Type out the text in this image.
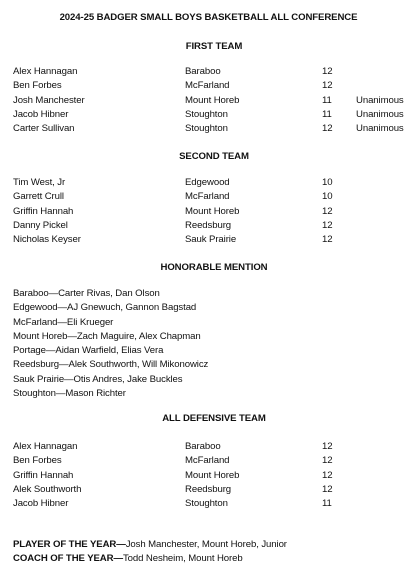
2024-25 BADGER SMALL BOYS BASKETBALL ALL CONFERENCE
FIRST TEAM
Alex Hannagan	Baraboo	12
Ben Forbes	McFarland	12
Josh Manchester	Mount Horeb	11	Unanimous
Jacob Hibner	Stoughton	11	Unanimous
Carter Sullivan	Stoughton	12 Unanimous
SECOND TEAM
Tim West, Jr	Edgewood	10
Garrett Crull	McFarland	10
Griffin Hannah	Mount Horeb	12
Danny Pickel	Reedsburg	12
Nicholas Keyser	Sauk Prairie	12
HONORABLE MENTION
Baraboo—Carter Rivas, Dan Olson
Edgewood—AJ Gnewuch, Gannon Bagstad
McFarland—Eli Krueger
Mount Horeb—Zach Maguire, Alex Chapman
Portage—Aidan Warfield, Elias Vera
Reedsburg—Alek Southworth, Will Mikonowicz
Sauk Prairie—Otis Andres, Jake Buckles
Stoughton—Mason Richter
ALL DEFENSIVE TEAM
Alex Hannagan	Baraboo	12
Ben Forbes	McFarland	12
Griffin Hannah	Mount Horeb	12
Alek Southworth	Reedsburg	12
Jacob Hibner	Stoughton	11
PLAYER OF THE YEAR—Josh Manchester, Mount Horeb, Junior
COACH OF THE YEAR—Todd Nesheim, Mount Horeb
